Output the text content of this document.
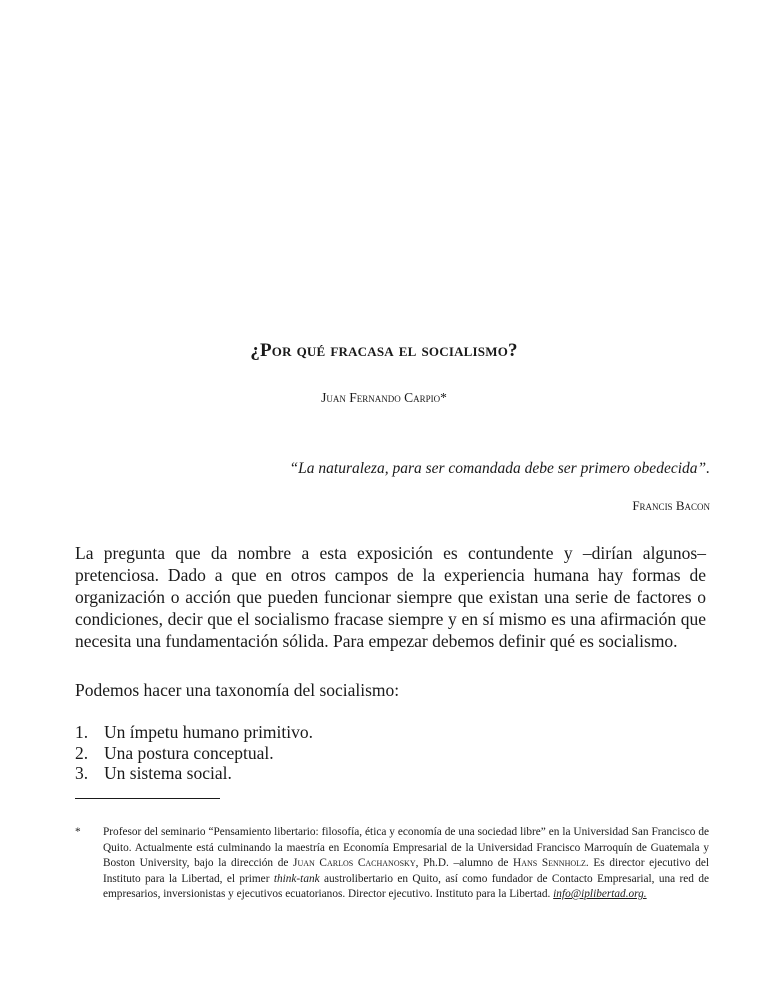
¿Por qué fracasa el socialismo?
Juan Fernando Carpio*
“La naturaleza, para ser comandada debe ser primero obedecida”.
Francis Bacon
La pregunta que da nombre a esta exposición es contundente y –dirían algunos– pretenciosa. Dado a que en otros campos de la experiencia humana hay formas de organización o acción que pueden funcionar siempre que existan una serie de factores o condiciones, decir que el socialismo fracase siempre y en sí mismo es una afirmación que necesita una fundamentación sólida. Para empezar debemos definir qué es socialismo.
Podemos hacer una taxonomía del socialismo:
1. Un ímpetu humano primitivo.
2. Una postura conceptual.
3. Un sistema social.
*	Profesor del seminario “Pensamiento libertario: filosofía, ética y economía de una sociedad libre” en la Universidad San Francisco de Quito. Actualmente está culminando la maestría en Economía Empresarial de la Universidad Francisco Marroquín de Guatemala y Boston University, bajo la dirección de Juan Carlos Cachanosky, Ph.D. –alumno de Hans Sennholz. Es director ejecutivo del Instituto para la Libertad, el primer think-tank austrolibertario en Quito, así como fundador de Contacto Empresarial, una red de empresarios, inversionistas y ejecutivos ecuatorianos. Director ejecutivo. Instituto para la Libertad. info@iplibertad.org.
